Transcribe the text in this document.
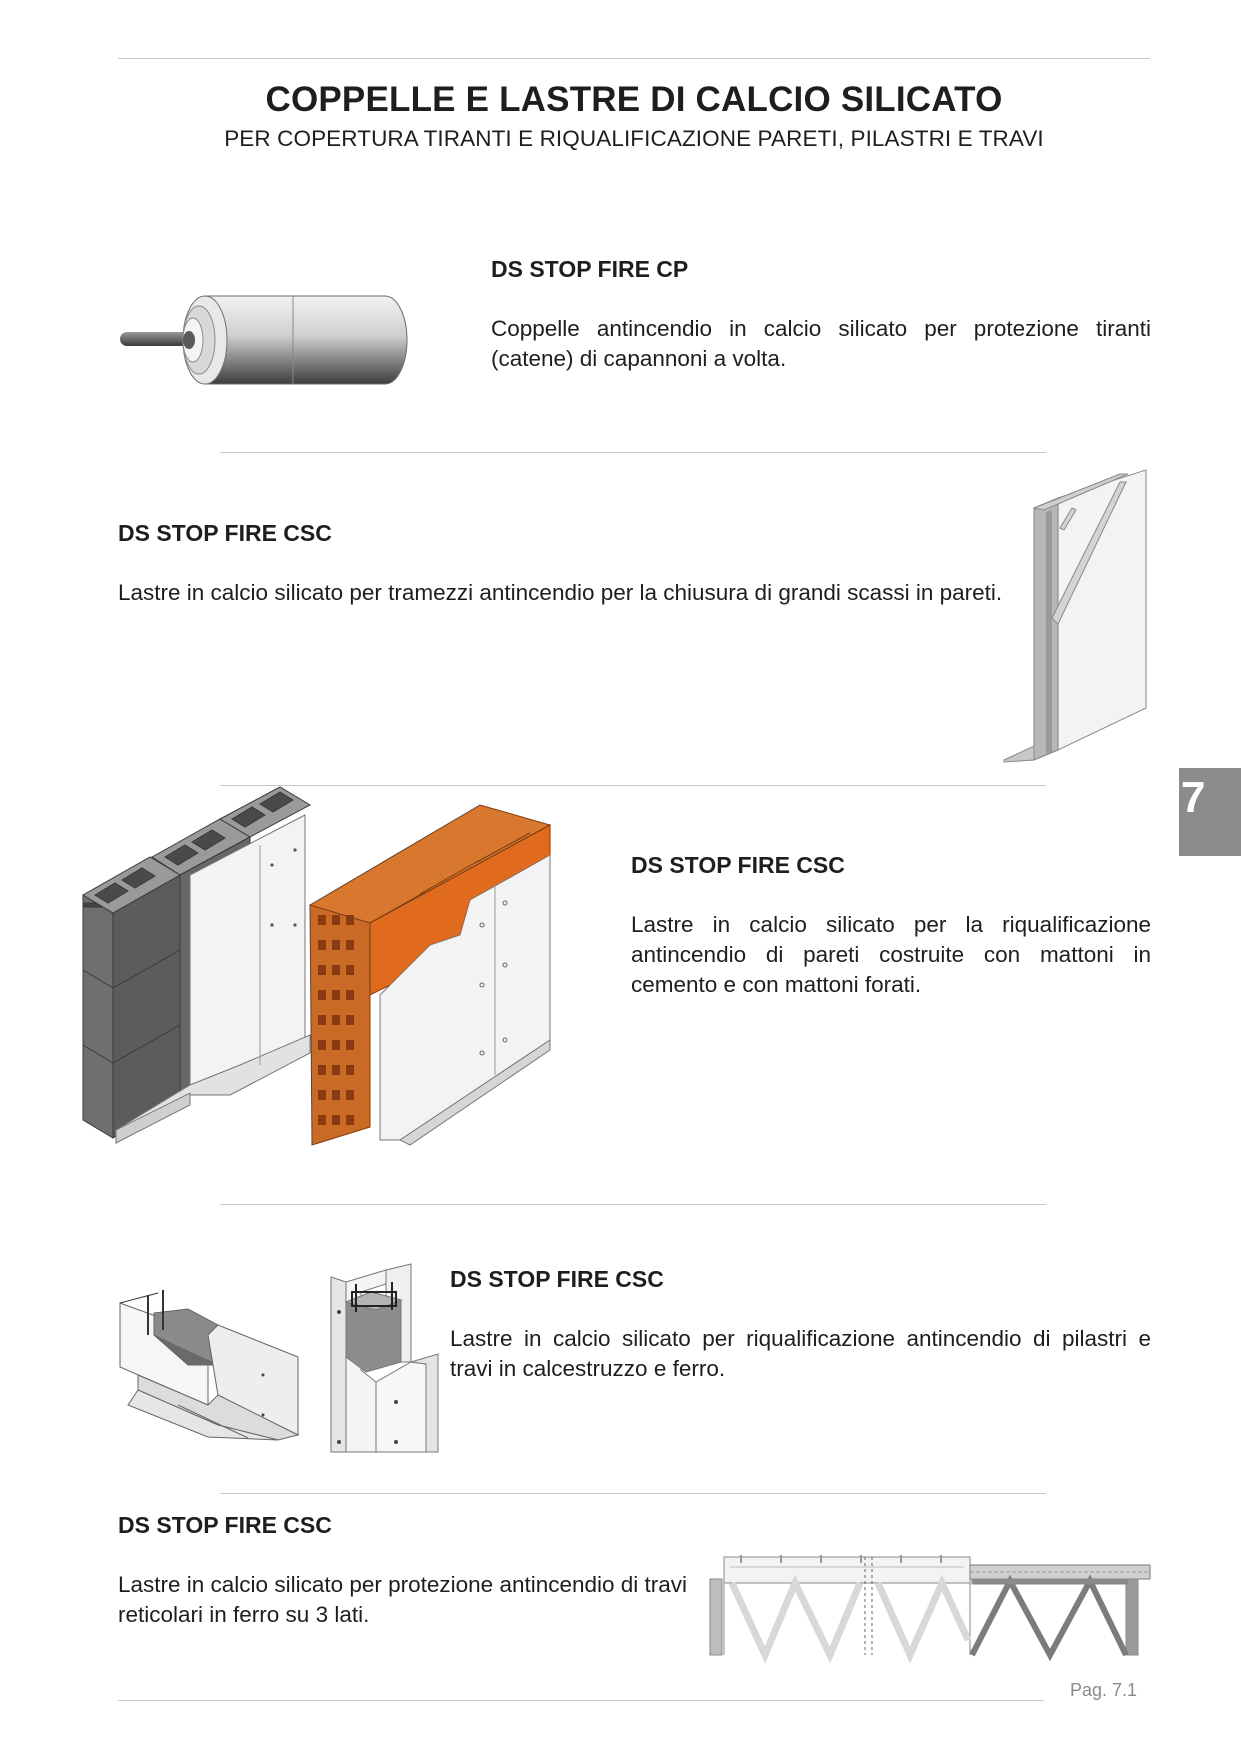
COPPELLE E LASTRE DI CALCIO SILICATO
PER COPERTURA TIRANTI E RIQUALIFICAZIONE PARETI, PILASTRI E TRAVI
DS STOP FIRE CP
Coppelle antincendio in calcio silicato per protezione tiranti (catene) di capannoni a volta.
DS STOP FIRE CSC
Lastre in calcio silicato per tramezzi antincendio per la chiusura di grandi scassi in pareti.
7
DS STOP FIRE CSC
Lastre in calcio silicato per la riqualificazione antincendio di pareti costruite con mattoni in cemento e con mattoni forati.
DS STOP FIRE CSC
Lastre in calcio silicato per riqualificazione antincendio di pilastri e travi in calcestruzzo e ferro.
DS STOP FIRE CSC
Lastre in calcio silicato per protezione antincendio di travi reticolari in ferro su 3 lati.
Pag. 7.1
